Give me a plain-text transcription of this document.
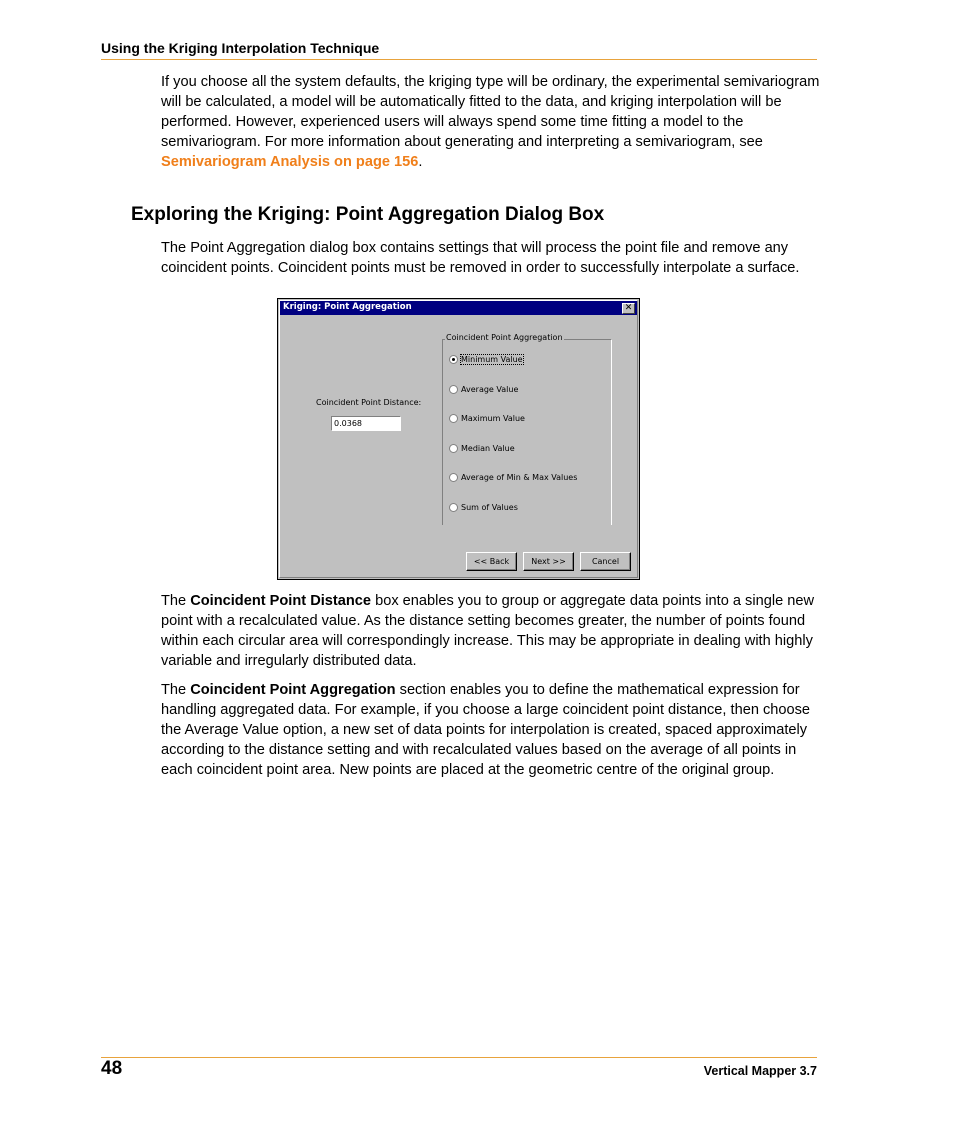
Using the Kriging Interpolation Technique

If you choose all the system defaults, the kriging type will be ordinary, the experimental semivariogram will be calculated, a model will be automatically fitted to the data, and kriging interpolation will be performed. However, experienced users will always spend some time fitting a model to the semivariogram. For more information about generating and interpreting a semivariogram, see Semivariogram Analysis on page 156.

Exploring the Kriging: Point Aggregation Dialog Box

The Point Aggregation dialog box contains settings that will process the point file and remove any coincident points. Coincident points must be removed in order to successfully interpolate a surface.

Kriging: Point Aggregation	✕
Coincident Point Distance:
0.0368
Coincident Point Aggregation
Minimum Value
Average Value
Maximum Value
Median Value
Average of Min & Max Values
Sum of Values
<< Back	Next >>	Cancel

The Coincident Point Distance box enables you to group or aggregate data points into a single new point with a recalculated value. As the distance setting becomes greater, the number of points found within each circular area will correspondingly increase. This may be appropriate in dealing with highly variable and irregularly distributed data.

The Coincident Point Aggregation section enables you to define the mathematical expression for handling aggregated data. For example, if you choose a large coincident point distance, then choose the Average Value option, a new set of data points for interpolation is created, spaced approximately according to the distance setting and with recalculated values based on the average of all points in each coincident point area. New points are placed at the geometric centre of the original group.

48	Vertical Mapper 3.7
